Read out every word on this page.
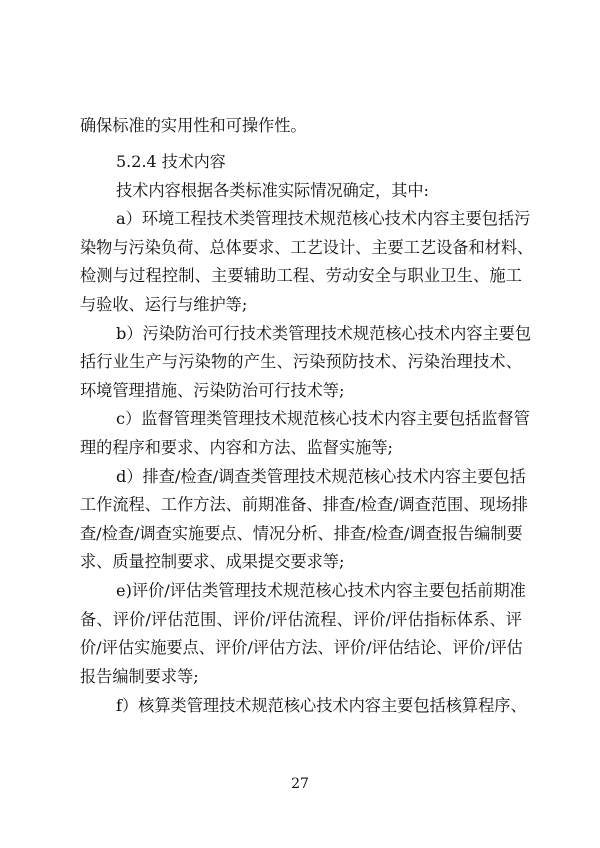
确保标准的实用性和可操作性。
5.2.4 技术内容
技术内容根据各类标准实际情况确定，其中:
a）环境工程技术类管理技术规范核心技术内容主要包括污
染物与污染负荷、总体要求、工艺设计、主要工艺设备和材料、
检测与过程控制、主要辅助工程、劳动安全与职业卫生、施工
与验收、运行与维护等;
b）污染防治可行技术类管理技术规范核心技术内容主要包
括行业生产与污染物的产生、污染预防技术、污染治理技术、
环境管理措施、污染防治可行技术等;
c）监督管理类管理技术规范核心技术内容主要包括监督管
理的程序和要求、内容和方法、监督实施等;
d）排查/检查/调查类管理技术规范核心技术内容主要包括
工作流程、工作方法、前期准备、排查/检查/调查范围、现场排
查/检查/调查实施要点、情况分析、排查/检查/调查报告编制要
求、质量控制要求、成果提交要求等;
e)评价/评估类管理技术规范核心技术内容主要包括前期准
备、评价/评估范围、评价/评估流程、评价/评估指标体系、评
价/评估实施要点、评价/评估方法、评价/评估结论、评价/评估
报告编制要求等;
f）核算类管理技术规范核心技术内容主要包括核算程序、
27
